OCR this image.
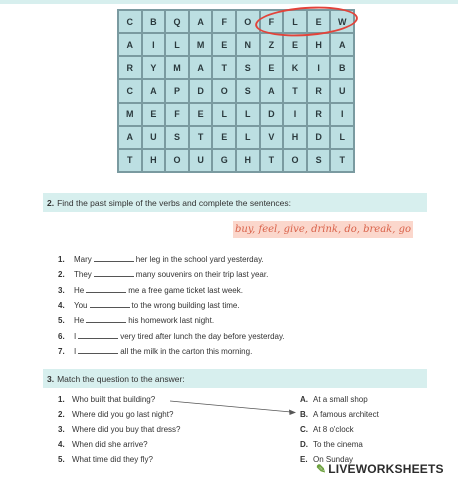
C	B	Q	A	F	O	F	L	E	W
A	I	L	M	E	N	Z	E	H	A
R	Y	M	A	T	S	E	K	I	B
C	A	P	D	O	S	A	T	R	U
M	E	F	E	L	L	D	I	R	I
A	U	S	T	E	L	V	H	D	L
T	H	O	U	G	H	T	O	S	T
2. Find the past simple of the verbs and complete the sentences:
buy, feel, give, drink, do, break, go
1. Mary	her leg in the school yard yesterday.
2. They	many souvenirs on their trip last year.
3. He	me a free game ticket last week.
4. You	to the wrong building last time.
5. He	his homework last night.
6. I	very tired after lunch the day before yesterday.
7. I	all the milk in the carton this morning.
3. Match the question to the answer:
1. Who built that building?
2. Where did you go last night?
3. Where did you buy that dress?
4. When did she arrive?
5. What time did they fly?
A. At a small shop
B. A famous architect
C. At 8 o'clock
D. To the cinema
E. On Sunday
✎ LIVEWORKSHEETS
